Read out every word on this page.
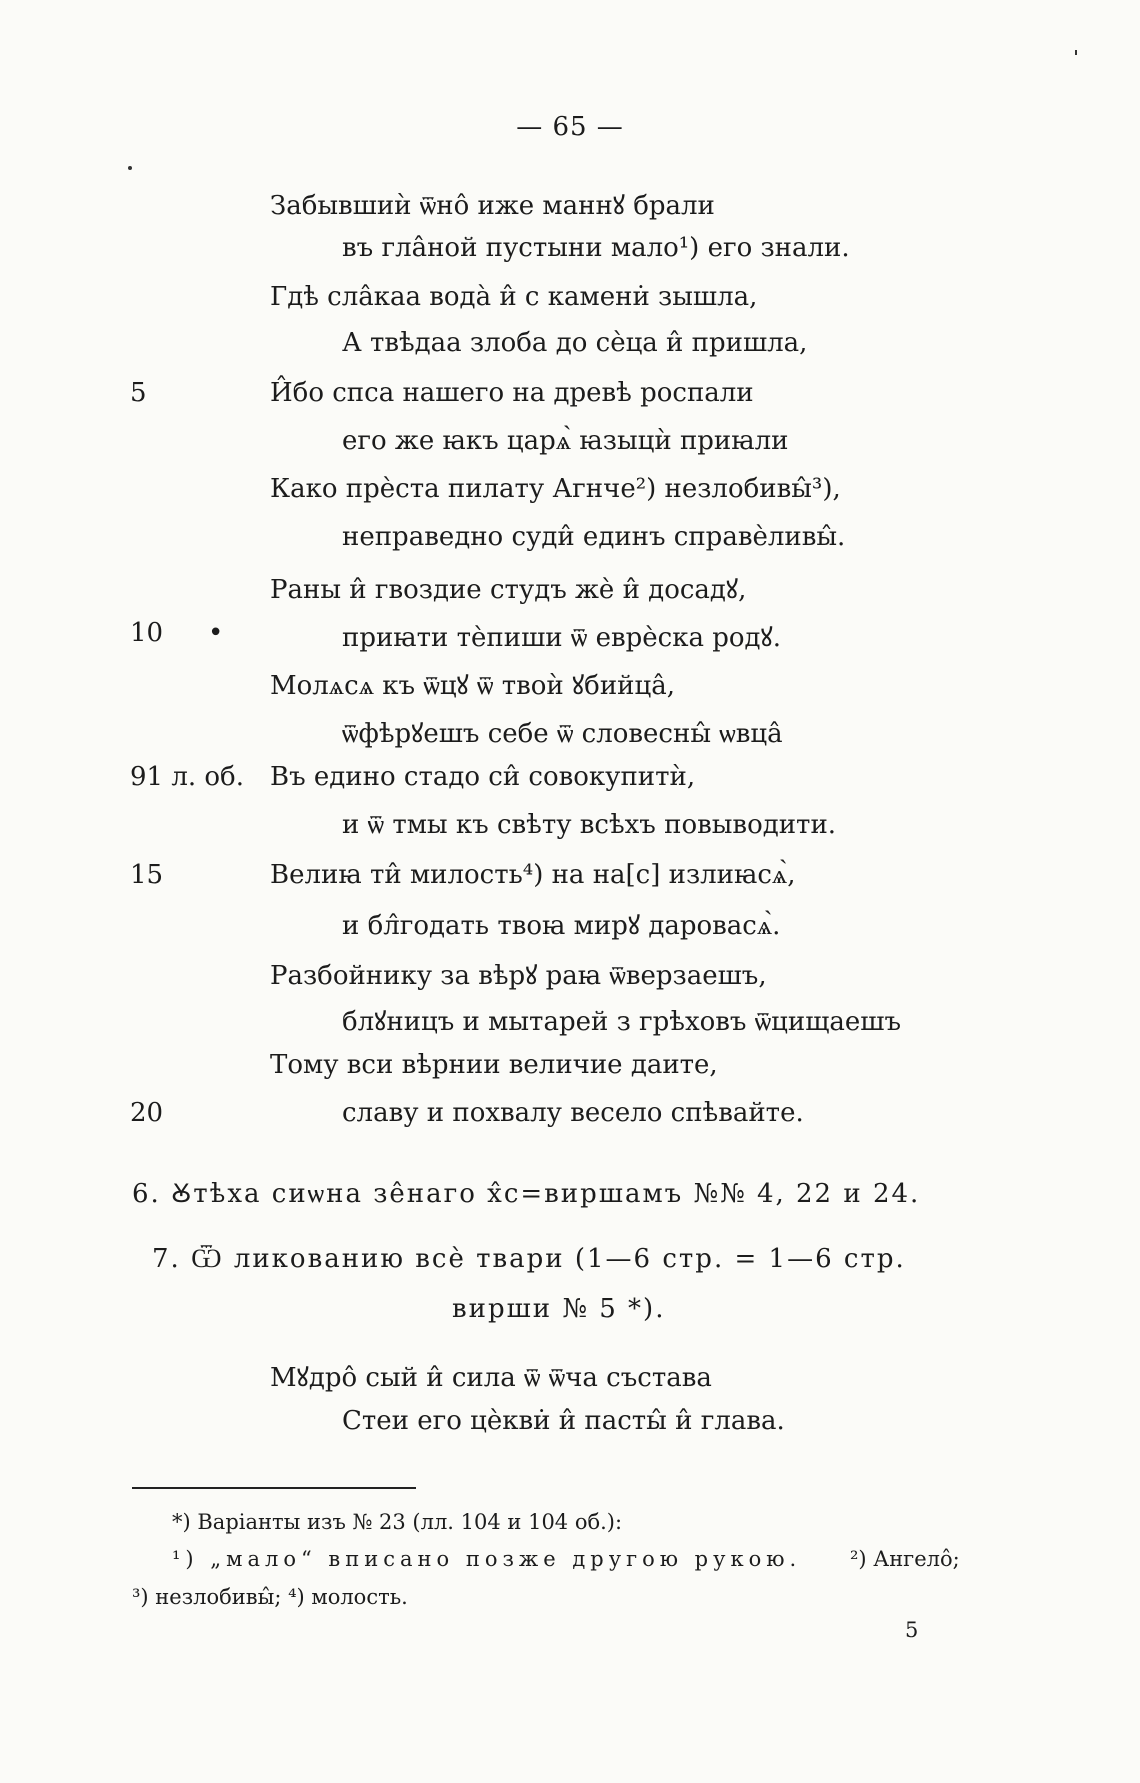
— 65 —
Забывшиѝ ѿно̂ иже маннꙋ брали
въ гла̂ной пустыни мало¹) его знали.
Гдѣ сла̂каа вода̀ и̂ с камени̇ зышла,
А твѣдаа злоба до сѐца и̂ пришла,
5	И̂бо спса нашего на древѣ роспали
его же ꙗкъ царѧ̀ ꙗзыцѝ приꙗли
Како прѐста пилату Агнче²) незлобивы̂³),
неправедно суди̂ единъ справѐливы̂.
Раны и̂ гвоздие студъ жѐ и̂ досадꙋ,
10 •	приꙗти тѐпиши ѿ еврѐска родꙋ.
Молѧсѧ къ ѿцꙋ ѿ твоѝ ꙋбийца̂,
ѿфѣрꙋешъ себе ѿ словесны̂ ѡвца̂
91 л. об. Въ едино стадо си̂ совокупитѝ,
и ѿ тмы къ свѣту всѣхъ повыводити.
15	Велиꙗ ти̂ милость⁴) на на[с] излиꙗсѧ̀,
и бл̂годать твоꙗ мирꙋ даровасѧ̀.
Разбойнику за вѣрꙋ раꙗ ѿверзаешъ,
блꙋницъ и мытарей з грѣховъ ѿцищаешъ
Тому вси вѣрнии величие даите,
20	славу и похвалу весело спѣвайте.
6. Ꙋтѣха сиѡна зе̂наго х̂с=виршамъ №№ 4, 22 и 24.
7. Ѿ ликованию всѐ твари (1—6 стр. = 1—6 стр.
вирши № 5 *).
Мꙋдро̂ сый и̂ сила ѿ ѿча състава
Стеи его цѐкви̇ и̂ пасты̂ и̂ глава.
*) Варіанты изъ № 23 (лл. 104 и 104 об.):
¹) „мало“ вписано позже другою рукою. ²) Ангело̂;
³) незлобивы̂; ⁴) молость.
5
